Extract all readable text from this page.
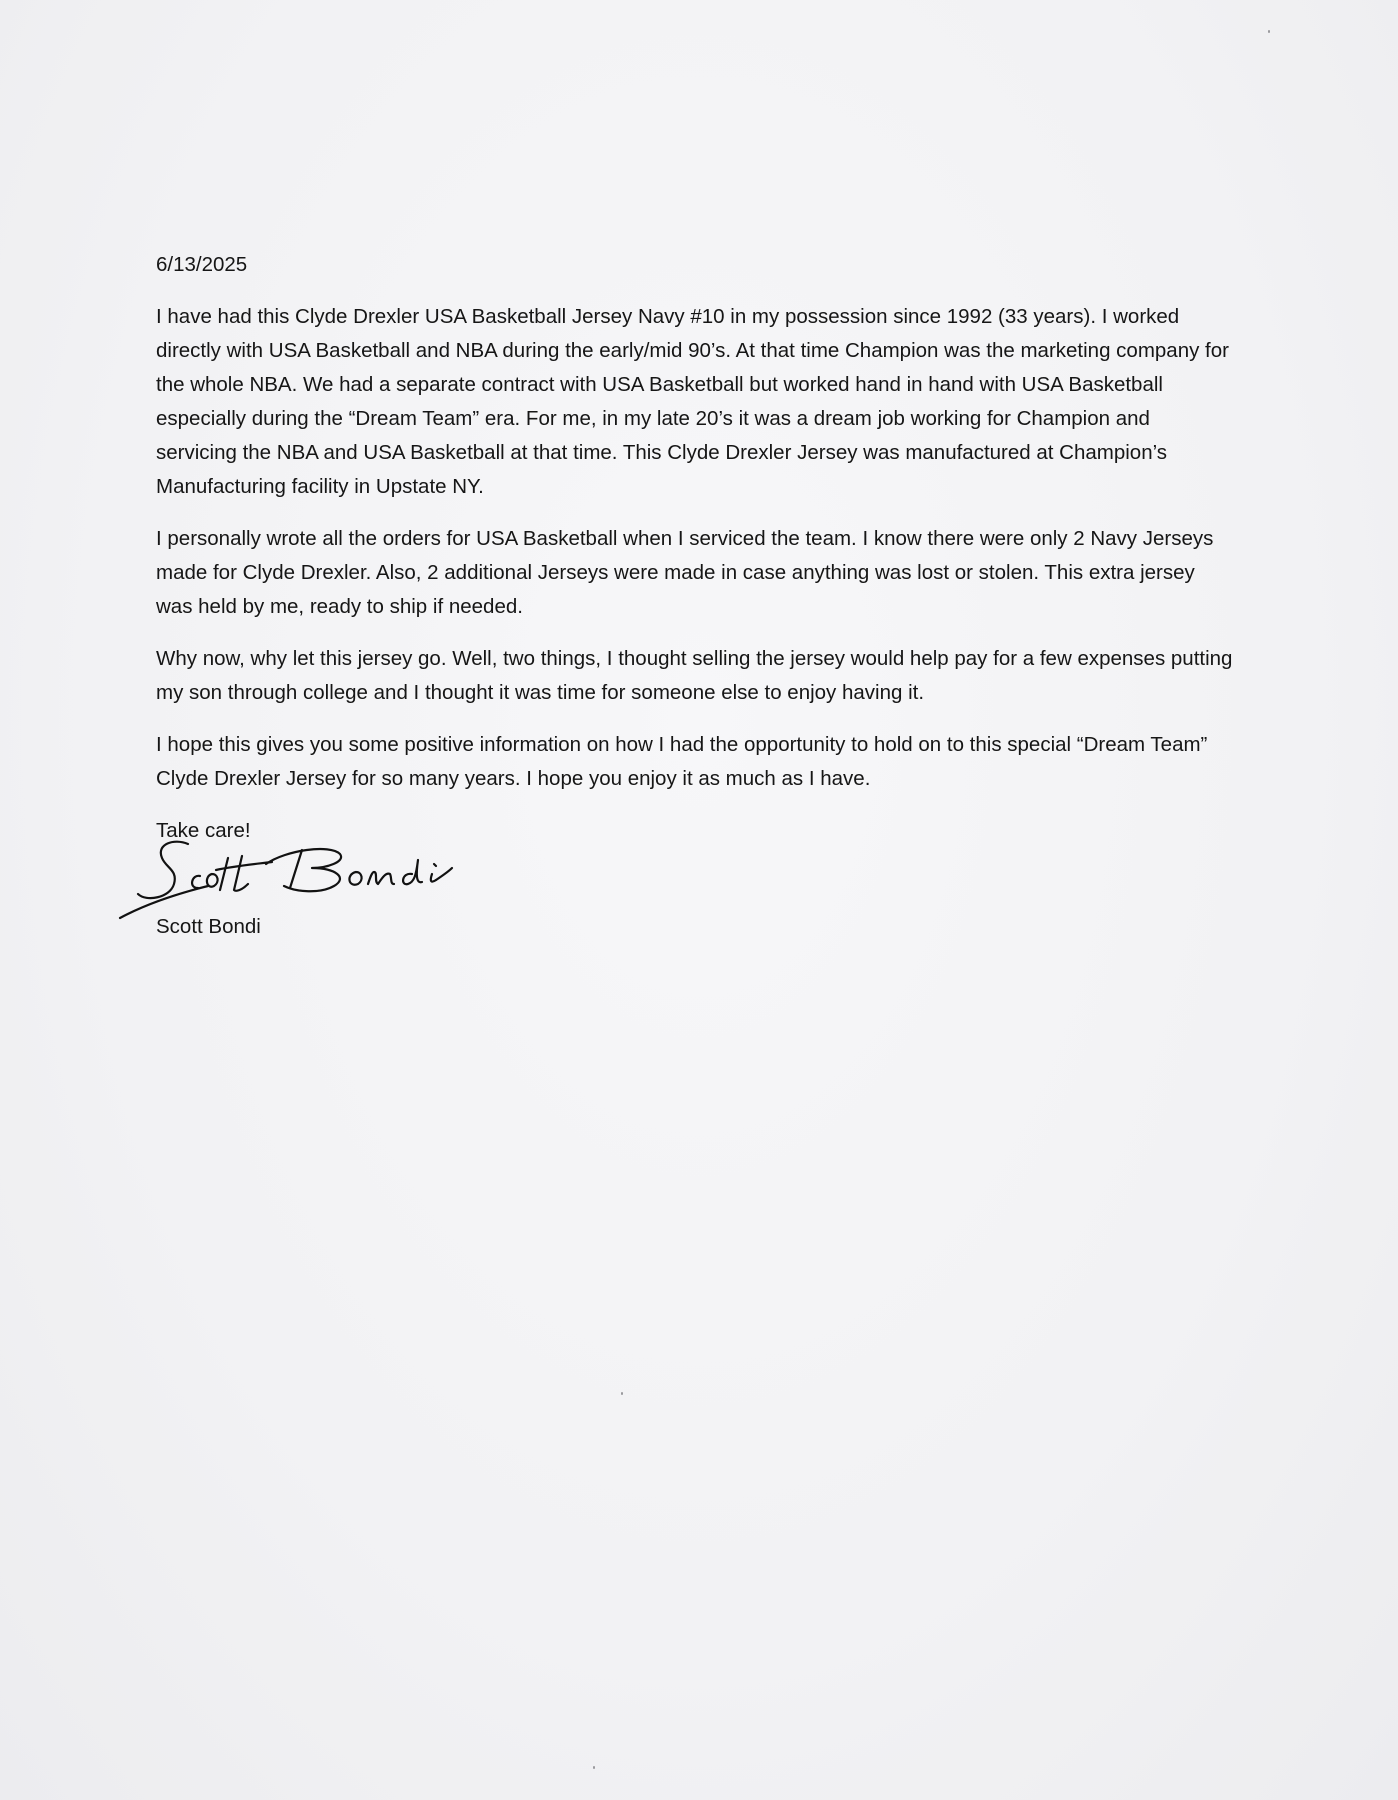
6/13/2025

I have had this Clyde Drexler USA Basketball Jersey Navy #10 in my possession since 1992 (33 years). I worked directly with USA Basketball and NBA during the early/mid 90’s. At that time Champion was the marketing company for the whole NBA. We had a separate contract with USA Basketball but worked hand in hand with USA Basketball especially during the “Dream Team” era. For me, in my late 20’s it was a dream job working for Champion and servicing the NBA and USA Basketball at that time. This Clyde Drexler Jersey was manufactured at Champion’s Manufacturing facility in Upstate NY.

I personally wrote all the orders for USA Basketball when I serviced the team. I know there were only 2 Navy Jerseys made for Clyde Drexler. Also, 2 additional Jerseys were made in case anything was lost or stolen. This extra jersey was held by me, ready to ship if needed.

Why now, why let this jersey go. Well, two things, I thought selling the jersey would help pay for a few expenses putting my son through college and I thought it was time for someone else to enjoy having it.

I hope this gives you some positive information on how I had the opportunity to hold on to this special “Dream Team” Clyde Drexler Jersey for so many years. I hope you enjoy it as much as I have.

Take care!

Scott Bondi
